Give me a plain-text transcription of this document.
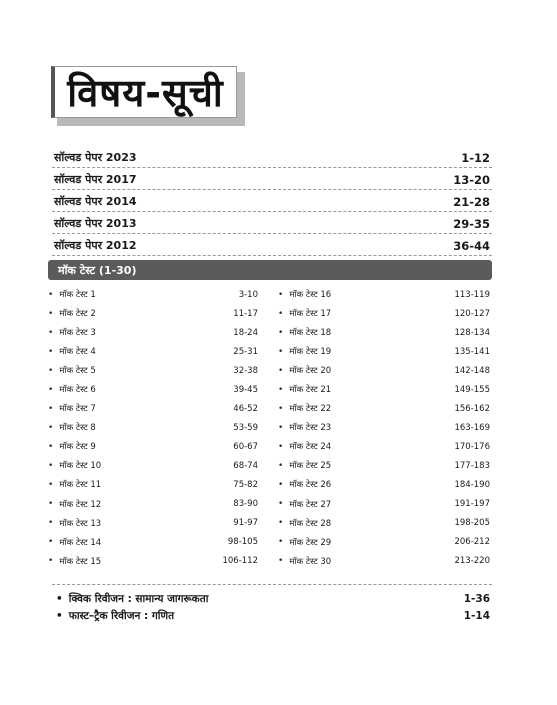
विषय-सूची
सॉल्वड पेपर 2023	1-12
सॉल्वड पेपर 2017	13-20
सॉल्वड पेपर 2014	21-28
सॉल्वड पेपर 2013	29-35
सॉल्वड पेपर 2012	36-44
मॉक टेस्ट (1-30)
• मॉक टेस्ट 1	3-10
• मॉक टेस्ट 2	11-17
• मॉक टेस्ट 3	18-24
• मॉक टेस्ट 4	25-31
• मॉक टेस्ट 5	32-38
• मॉक टेस्ट 6	39-45
• मॉक टेस्ट 7	46-52
• मॉक टेस्ट 8	53-59
• मॉक टेस्ट 9	60-67
• मॉक टेस्ट 10	68-74
• मॉक टेस्ट 11	75-82
• मॉक टेस्ट 12	83-90
• मॉक टेस्ट 13	91-97
• मॉक टेस्ट 14	98-105
• मॉक टेस्ट 15	106-112
• मॉक टेस्ट 16	113-119
• मॉक टेस्ट 17	120-127
• मॉक टेस्ट 18	128-134
• मॉक टेस्ट 19	135-141
• मॉक टेस्ट 20	142-148
• मॉक टेस्ट 21	149-155
• मॉक टेस्ट 22	156-162
• मॉक टेस्ट 23	163-169
• मॉक टेस्ट 24	170-176
• मॉक टेस्ट 25	177-183
• मॉक टेस्ट 26	184-190
• मॉक टेस्ट 27	191-197
• मॉक टेस्ट 28	198-205
• मॉक टेस्ट 29	206-212
• मॉक टेस्ट 30	213-220
• क्विक रिवीजन : सामान्य जागरूकता	1-36
• फास्ट–ट्रैक रिवीजन : गणित	1-14
